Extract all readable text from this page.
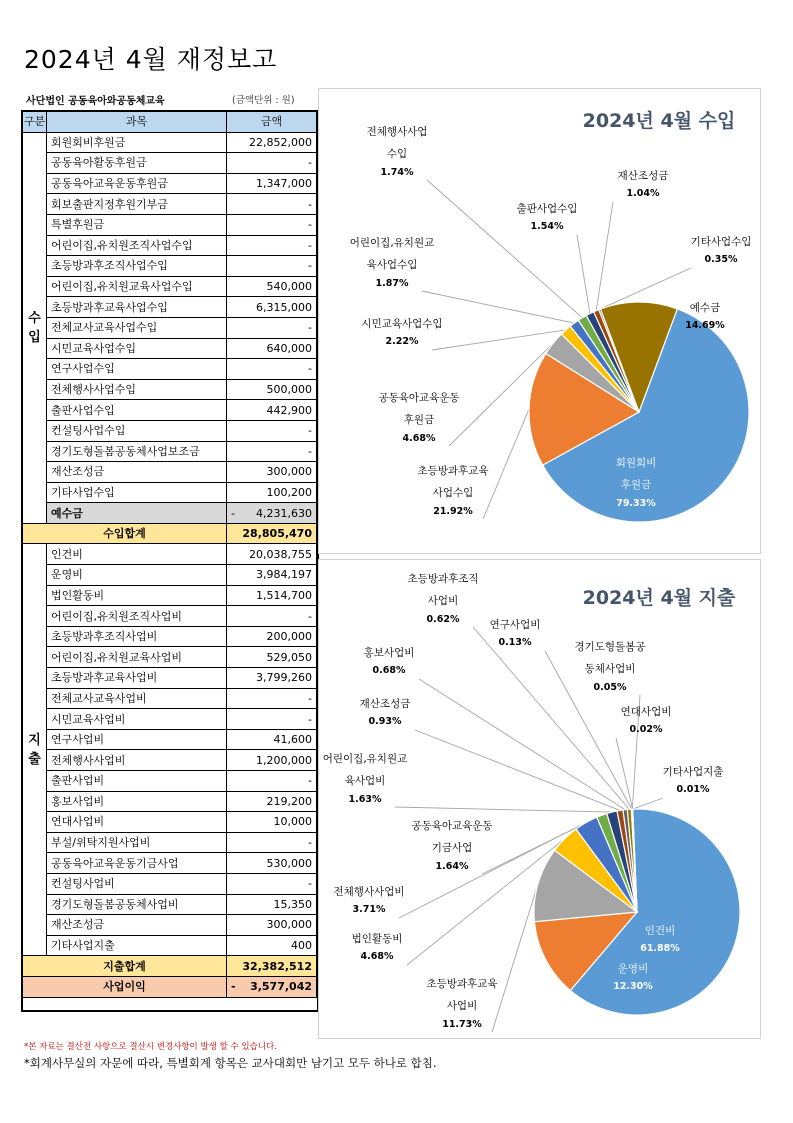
2024년 4월 재정보고
사단법인 공동육아와공동체교육	(금액단위 : 원)
구분	과목	금액
수
입	회원회비후원금	22,852,000
	공동육아활동후원금	-
	공동육아교육운동후원금	1,347,000
	회보출판지정후원기부금	-
	특별후원금	-
	어린이집,유치원조직사업수입	-
	초등방과후조직사업수입	-
	어린이집,유치원교육사업수입	540,000
	초등방과후교육사업수입	6,315,000
	전체교사교육사업수입	-
	시민교육사업수입	640,000
	연구사업수입	-
	전체행사사업수입	500,000
	출판사업수입	442,900
	컨설팅사업수입	-
	경기도형돌봄공동체사업보조금	-
	재산조성금	300,000
	기타사업수입	100,200
	예수금	- 4,231,630
수입합계		28,805,470
지
출	인건비	20,038,755
	운영비	3,984,197
	법인활동비	1,514,700
	어린이집,유치원조직사업비	-
	초등방과후조직사업비	200,000
	어린이집,유치원교육사업비	529,050
	초등방과후교육사업비	3,799,260
	전체교사교육사업비	-
	시민교육사업비	-
	연구사업비	41,600
	전체행사사업비	1,200,000
	출판사업비	-
	홍보사업비	219,200
	연대사업비	10,000
	부설/위탁지원사업비	-
	공동육아교육운동기금사업	530,000
	컨설팅사업비	-
	경기도형돌봄공동체사업비	15,350
	재산조성금	300,000
	기타사업지출	400
지출합계		32,382,512
사업이익		- 3,577,042
2024년 4월 수입
회원회비
후원금
79.33%
초등방과후교육
사업수입
21.92%
공동육아교육운동
후원금
4.68%
시민교육사업수입
2.22%
어린이집,유치원교
육사업수입
1.87%
전체행사사업
수입
1.74%
출판사업수입
1.54%
재산조성금
1.04%
기타사업수입
0.35%
예수금
14.69%
2024년 4월 지출
인건비
61.88%
운영비
12.30%
초등방과후교육
사업비
11.73%
법인활동비
4.68%
전체행사사업비
3.71%
공동육아교육운동
기금사업
1.64%
어린이집,유치원교
육사업비
1.63%
재산조성금
0.93%
홍보사업비
0.68%
초등방과후조직
사업비
0.62%	연구사업비
0.13%	경기도형돌봄공
동체사업비
0.05%
연대사업비
0.02%
기타사업지출
0.01%
*본 자료는 결산전 사항으로 결산시 변경사항이 발생 할 수 있습니다.
*회계사무실의 자문에 따라, 특별회계 항목은 교사대회만 남기고 모두 하나로 합침.
